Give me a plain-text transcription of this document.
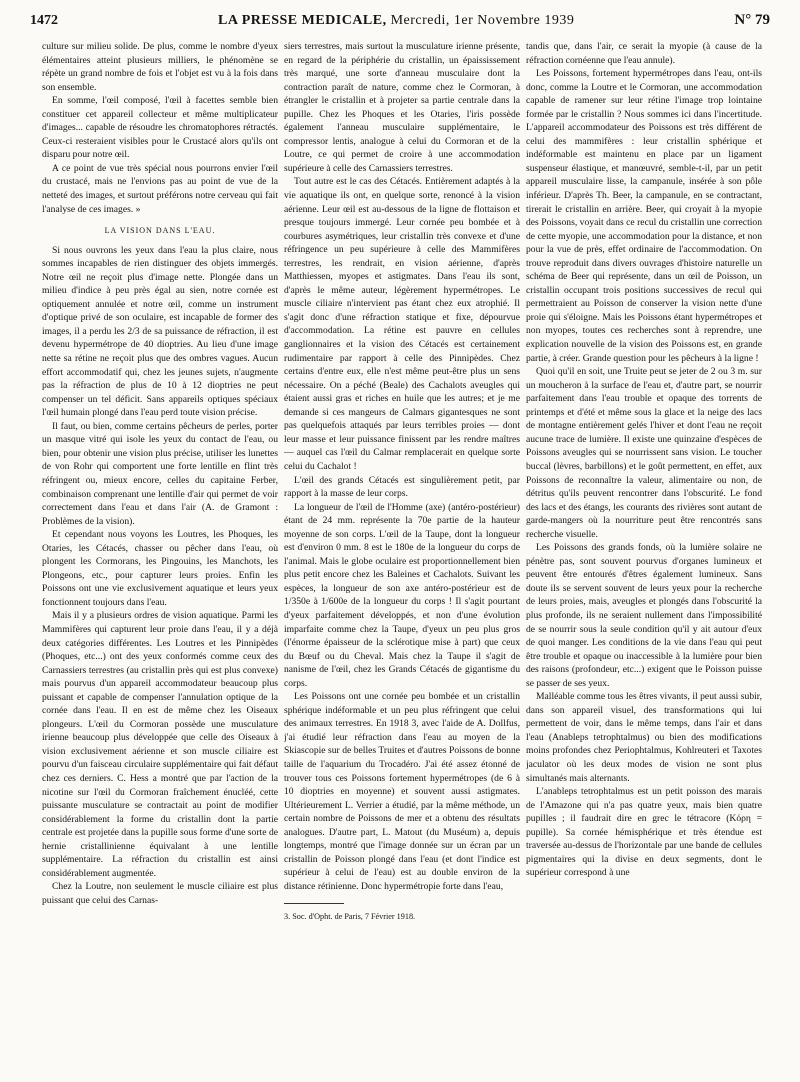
1472	LA PRESSE MEDICALE, Mercredi, 1er Novembre 1939	N° 79

culture sur milieu solide. De plus, comme le nombre d'yeux élémentaires atteint plusieurs milliers, le phénomène se répète un grand nombre de fois et l'objet est vu à la fois dans son ensemble.

En somme, l'œil composé, l'œil à facettes semble bien constituer cet appareil collecteur et même multiplicateur d'images... capable de résoudre les chromatophores rétractés. Ceux-ci resteraient visibles pour le Crustacé alors qu'ils ont disparu pour notre œil.

A ce point de vue très spécial nous pourrons envier l'œil du crustacé, mais ne l'envions pas au point de vue de la netteté des images, et surtout préférons notre cerveau qui fait l'analyse de ces images. »

LA VISION DANS L'EAU.

Si nous ouvrons les yeux dans l'eau la plus claire, nous sommes incapables de rien distinguer des objets immergés. Notre œil ne reçoit plus d'image nette. Plongée dans un milieu d'indice à peu près égal au sien, notre cornée est optiquement annulée et notre œil, comme un instrument d'optique privé de son oculaire, est incapable de former des images, il a perdu les 2/3 de sa puissance de réfraction, il est devenu hypermétrope de 40 dioptries. Au lieu d'une image nette sa rétine ne reçoit plus que des ombres vagues. Aucun effort accommodatif qui, chez les jeunes sujets, n'augmente pas la réfraction de plus de 10 à 12 dioptries ne peut compenser un tel déficit. Sans appareils optiques spéciaux l'œil humain plongé dans l'eau perd toute vision précise.

Il faut, ou bien, comme certains pêcheurs de perles, porter un masque vitré qui isole les yeux du contact de l'eau, ou bien, pour obtenir une vision plus précise, utiliser les lunettes de von Rohr qui comportent une forte lentille en flint très réfringent ou, mieux encore, celles du capitaine Ferber, combinaison comprenant une lentille d'air qui permet de voir correctement dans l'eau et dans l'air (A. de Gramont : Problèmes de la vision).

Et cependant nous voyons les Loutres, les Phoques, les Otaries, les Cétacés, chasser ou pêcher dans l'eau, où plongent les Cormorans, les Pingouins, les Manchots, les Plongeons, etc., pour capturer leurs proies. Enfin les Poissons ont une vie exclusivement aquatique et leurs yeux fonctionnent toujours dans l'eau.

Mais il y a plusieurs ordres de vision aquatique. Parmi les Mammifères qui capturent leur proie dans l'eau, il y a déjà deux catégories différentes. Les Loutres et les Pinnipèdes (Phoques, etc...) ont des yeux conformés comme ceux des Carnassiers terrestres (au cristallin près qui est plus convexe) mais pourvus d'un appareil accommodateur beaucoup plus puissant et capable de compenser l'annulation optique de la cornée dans l'eau. Il en est de même chez les Oiseaux plongeurs. L'œil du Cormoran possède une musculature irienne beaucoup plus développée que celle des Oiseaux à vision exclusivement aérienne et son muscle ciliaire est pourvu d'un faisceau circulaire supplémentaire qui fait défaut chez ces derniers. C. Hess a montré que par l'action de la nicotine sur l'œil du Cormoran fraîchement énucléé, cette puissante musculature se contractait au point de modifier considérablement la forme du cristallin dont la partie centrale est projetée dans la pupille sous forme d'une sorte de hernie cristallinienne équivalant à une lentille supplémentaire. La réfraction du cristallin est ainsi considérablement augmentée.

Chez la Loutre, non seulement le muscle ciliaire est plus puissant que celui des Carnas-

siers terrestres, mais surtout la musculature irienne présente, en regard de la périphérie du cristallin, un épaississement très marqué, une sorte d'anneau musculaire dont la contraction paraît de nature, comme chez le Cormoran, à étrangler le cristallin et à projeter sa partie centrale dans la pupille. Chez les Phoques et les Otaries, l'iris possède également l'anneau musculaire supplémentaire, le compressor lentis, analogue à celui du Cormoran et de la Loutre, ce qui permet de croire à une accommodation supérieure à celle des Carnassiers terrestres.

Tout autre est le cas des Cétacés. Entièrement adaptés à la vie aquatique ils ont, en quelque sorte, renoncé à la vision aérienne. Leur œil est au-dessous de la ligne de flottaison et presque toujours immergé. Leur cornée peu bombée et à courbures asymétriques, leur cristallin très convexe et d'une réfringence un peu supérieure à celle des Mammifères terrestres, les rendrait, en vision aérienne, d'après Matthiessen, myopes et astigmates. Dans l'eau ils sont, d'après le même auteur, légèrement hypermétropes. Le muscle ciliaire n'intervient pas étant chez eux atrophié. Il s'agit donc d'une réfraction statique et fixe, dépourvue d'accommodation. La rétine est pauvre en cellules ganglionnaires et la vision des Cétacés est certainement rudimentaire par rapport à celle des Pinnipèdes. Chez certains d'entre eux, elle n'est même peut-être plus un sens nécessaire. On a péché (Beale) des Cachalots aveugles qui étaient aussi gras et riches en huile que les autres; et je me demande si ces mangeurs de Calmars gigantesques ne sont pas quelquefois attaqués par leurs terribles proies — dont leur masse et leur puissance finissent par les rendre maîtres — auquel cas l'œil du Calmar remplacerait en quelque sorte celui du Cachalot !

L'œil des grands Cétacés est singulièrement petit, par rapport à la masse de leur corps.

La longueur de l'œil de l'Homme (axe) (antéro-postérieur) étant de 24 mm. représente la 70e partie de la hauteur moyenne de son corps. L'œil de la Taupe, dont la longueur est d'environ 0 mm. 8 est le 180e de la longueur du corps de l'animal. Mais le globe oculaire est proportionnellement bien plus petit encore chez les Baleines et Cachalots. Suivant les espèces, la longueur de son axe antéro-postérieur est de 1/350e à 1/600e de la longueur du corps ! Il s'agit pourtant d'yeux parfaitement développés, et non d'une évolution imparfaite comme chez la Taupe, d'yeux un peu plus gros (l'énorme épaisseur de la sclérotique mise à part) que ceux du Bœuf ou du Cheval. Mais chez la Taupe il s'agit de nanisme de l'œil, chez les Grands Cétacés de gigantisme du corps.

Les Poissons ont une cornée peu bombée et un cristallin sphérique indéformable et un peu plus réfringent que celui des animaux terrestres. En 1918 3, avec l'aide de A. Dollfus, j'ai étudié leur réfraction dans l'eau au moyen de la Skiascopie sur de belles Truites et d'autres Poissons de bonne taille de l'aquarium du Trocadéro. J'ai été assez étonné de trouver tous ces Poissons fortement hypermétropes (de 6 à 10 dioptries en moyenne) et souvent aussi astigmates. Ultérieurement L. Verrier a étudié, par la même méthode, un certain nombre de Poissons de mer et a obtenu des résultats analogues. D'autre part, L. Matout (du Muséum) a, depuis longtemps, montré que l'image donnée sur un écran par un cristallin de Poisson plongé dans l'eau (et dont l'indice est supérieur à celui de l'eau) est au double environ de la distance rétinienne. Donc hypermétropie forte dans l'eau,

3. Soc. d'Opht. de Paris, 7 Février 1918.

tandis que, dans l'air, ce serait la myopie (à cause de la réfraction cornéenne que l'eau annule).

Les Poissons, fortement hypermétropes dans l'eau, ont-ils donc, comme la Loutre et le Cormoran, une accommodation capable de ramener sur leur rétine l'image trop lointaine formée par le cristallin ? Nous sommes ici dans l'incertitude. L'appareil accommodateur des Poissons est très différent de celui des mammifères : leur cristallin sphérique et indéformable est maintenu en place par un ligament suspenseur élastique, et manœuvré, semble-t-il, par un petit appareil musculaire lisse, la campanule, insérée à son pôle inférieur. D'après Th. Beer, la campanule, en se contractant, tirerait le cristallin en arrière. Beer, qui croyait à la myopie des Poissons, voyait dans ce recul du cristallin une correction de cette myopie, une accommodation pour la distance, et non pour la vue de près, effet ordinaire de l'accommodation. On trouve reproduit dans divers ouvrages d'histoire naturelle un schéma de Beer qui représente, dans un œil de Poisson, un cristallin occupant trois positions successives de recul qui permettraient au Poisson de conserver la vision nette d'une proie qui s'éloigne. Mais les Poissons étant hypermétropes et non myopes, toutes ces recherches sont à reprendre, une explication nouvelle de la vision des Poissons est, en grande partie, à créer. Grande question pour les pêcheurs à la ligne !

Quoi qu'il en soit, une Truite peut se jeter de 2 ou 3 m. sur un moucheron à la surface de l'eau et, d'autre part, se nourrir parfaitement dans l'eau trouble et opaque des torrents de printemps et d'été et même sous la glace et la neige des lacs de montagne entièrement gelés l'hiver et dont l'eau ne reçoit aucune trace de lumière. Il existe une quinzaine d'espèces de Poissons aveugles qui se nourrissent sans vision. Le toucher buccal (lèvres, barbillons) et le goût permettent, en effet, aux Poissons de reconnaître la valeur, alimentaire ou non, de détritus qu'ils peuvent rencontrer dans l'obscurité. Le fond des lacs et des étangs, les courants des rivières sont autant de garde-mangers où la nourriture peut être rencontrés sans recherche visuelle.

Les Poissons des grands fonds, où la lumière solaire ne pénètre pas, sont souvent pourvus d'organes lumineux et peuvent être entourés d'êtres également lumineux. Sans doute ils se servent souvent de leurs yeux pour la recherche de leurs proies, mais, aveugles et plongés dans l'obscurité la plus profonde, ils ne seraient nullement dans l'impossibilité de se nourrir sous la seule condition qu'il y ait autour d'eux de quoi manger. Les conditions de la vie dans l'eau qui peut être trouble et opaque ou inaccessible à la lumière pour bien des raisons (profondeur, etc...) exigent que le Poisson puisse se passer de ses yeux.

Malléable comme tous les êtres vivants, il peut aussi subir, dans son appareil visuel, des transformations qui lui permettent de voir, dans le même temps, dans l'air et dans l'eau (Anableps tetrophtalmus) ou bien des modifications moins profondes chez Periophtalmus, Kohlreuteri et Taxotes jaculator où les deux modes de vision ne sont plus simultanés mais alternants.

L'anableps tetrophtalmus est un petit poisson des marais de l'Amazone qui n'a pas quatre yeux, mais bien quatre pupilles ; il faudrait dire en grec le tétracore (Κόρη = pupille). Sa cornée hémisphérique et très étendue est traversée au-dessus de l'horizontale par une bande de cellules pigmentaires qui la divise en deux segments, dont le supérieur correspond à une
